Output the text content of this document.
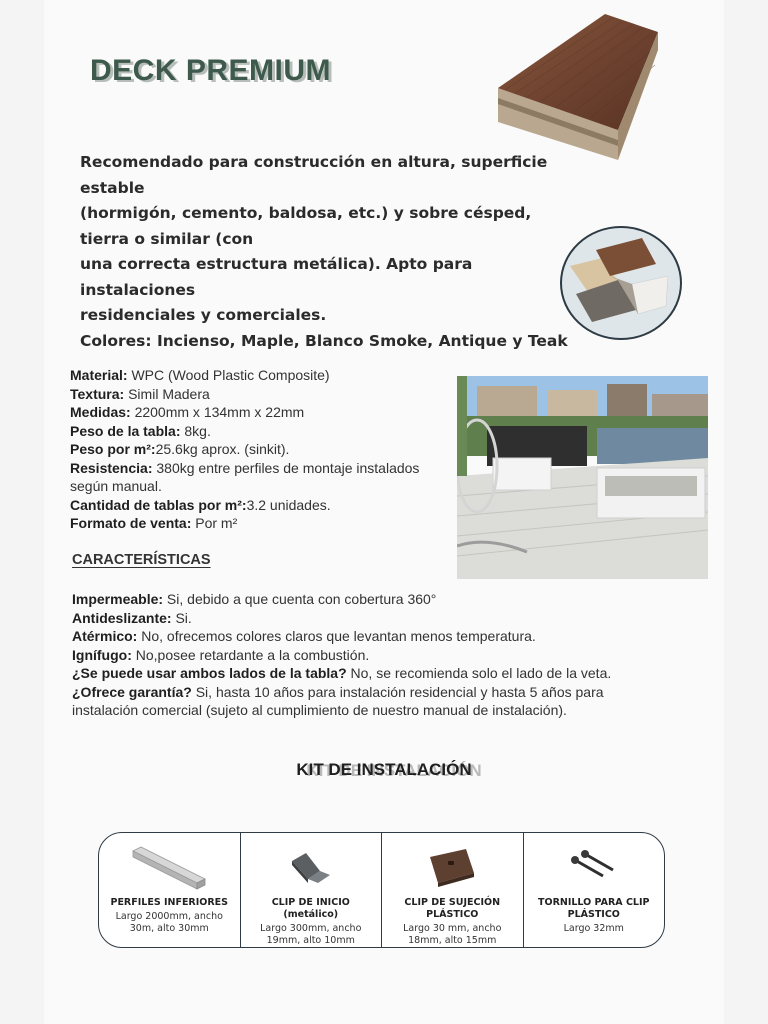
DECK PREMIUM

Recomendado para construcción en altura, superficie estable

(hormigón, cemento, baldosa, etc.) y sobre césped, tierra o similar (con

una correcta estructura metálica). Apto para instalaciones

residenciales y comerciales.

Colores: Incienso, Maple, Blanco Smoke, Antique y Teak

Material: WPC (Wood Plastic Composite)
Textura: Simil Madera
Medidas: 2200mm x 134mm x 22mm
Peso de la tabla: 8kg.
Peso por m²:25.6kg aprox. (sinkit).
Resistencia: 380kg entre perfiles de montaje instalados según manual.
Cantidad de tablas por m²:3.2 unidades.
Formato de venta: Por m²
CARACTERÍSTICAS
Impermeable: Si, debido a que cuenta con cobertura 360°
Antideslizante: Si.
Atérmico: No, ofrecemos colores claros que levantan menos temperatura.
Ignífugo: No,posee retardante a la combustión.
¿Se puede usar ambos lados de la tabla? No, se recomienda solo el lado de la veta.
¿Ofrece garantía? Si, hasta 10 años para instalación residencial y hasta 5 años para instalación comercial (sujeto al cumplimiento de nuestro manual de instalación).
KIT DE INSTALACIÓN
PERFILES INFERIORES
Largo 2000mm, ancho 30m, alto 30mm
CLIP DE INICIO (metálico)
Largo 300mm, ancho 19mm, alto 10mm
CLIP DE SUJECIÓN PLÁSTICO
Largo 30 mm, ancho 18mm, alto 15mm
TORNILLO PARA CLIP PLÁSTICO
Largo 32mm
